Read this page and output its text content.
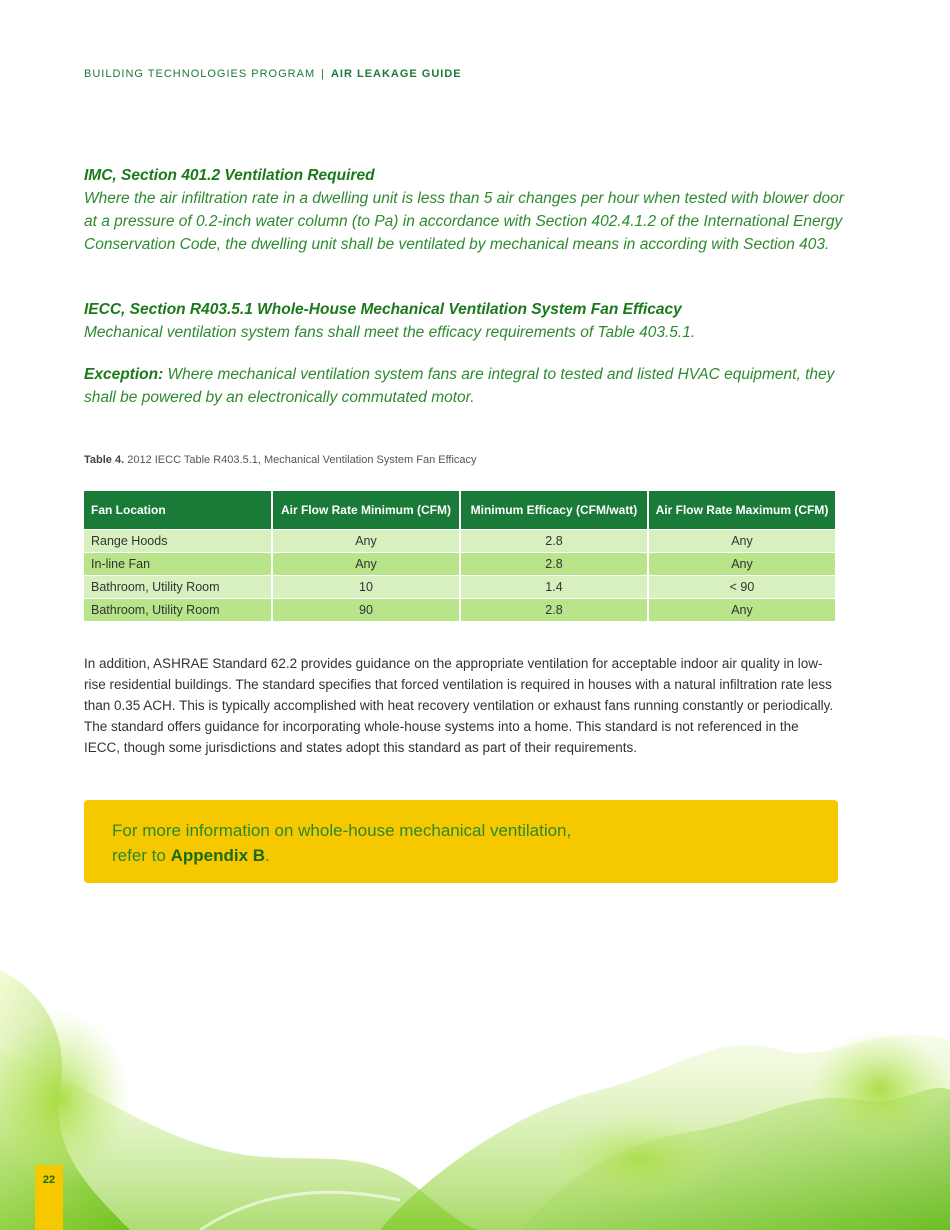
BUILDING TECHNOLOGIES PROGRAM | AIR LEAKAGE GUIDE
IMC, Section 401.2 Ventilation Required
Where the air infiltration rate in a dwelling unit is less than 5 air changes per hour when tested with blower door at a pressure of 0.2-inch water column (to Pa) in accordance with Section 402.4.1.2 of the International Energy Conservation Code, the dwelling unit shall be ventilated by mechanical means in according with Section 403.
IECC, Section R403.5.1 Whole-House Mechanical Ventilation System Fan Efficacy
Mechanical ventilation system fans shall meet the efficacy requirements of Table 403.5.1.
Exception: Where mechanical ventilation system fans are integral to tested and listed HVAC equipment, they shall be powered by an electronically commutated motor.
Table 4. 2012 IECC Table R403.5.1, Mechanical Ventilation System Fan Efficacy
Fan Location	Air Flow Rate Minimum (CFM)	Minimum Efficacy (CFM/watt)	Air Flow Rate Maximum (CFM)
Range Hoods	Any	2.8	Any
In-line Fan	Any	2.8	Any
Bathroom, Utility Room	10	1.4	< 90
Bathroom, Utility Room	90	2.8	Any
In addition, ASHRAE Standard 62.2 provides guidance on the appropriate ventilation for acceptable indoor air quality in low-rise residential buildings. The standard specifies that forced ventilation is required in houses with a natural infiltration rate less than 0.35 ACH. This is typically accomplished with heat recovery ventilation or exhaust fans running constantly or periodically. The standard offers guidance for incorporating whole-house systems into a home. This standard is not referenced in the IECC, though some jurisdictions and states adopt this standard as part of their requirements.
For more information on whole-house mechanical ventilation,
refer to Appendix B.
22
